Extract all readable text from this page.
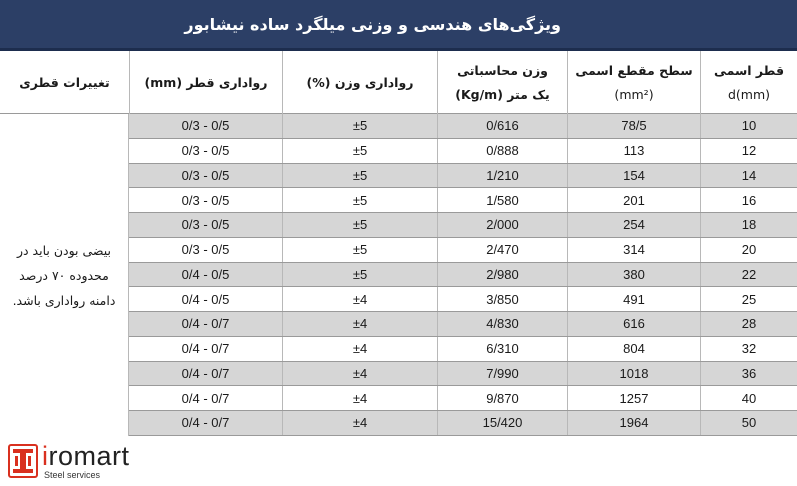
ویژگی‌های هندسی و وزنی میلگرد ساده نیشابور
قطر اسمی
d(mm)
سطح مقطع اسمی
(mm²)
وزن محاسباتی
یک متر (Kg/m)
رواداری وزن (%)
رواداری قطر (mm)
تغییرات قطری
10
78/5
0/616
±5
0/3 - 0/5
12
113
0/888
±5
0/3 - 0/5
14
154
1/210
±5
0/3 - 0/5
16
201
1/580
±5
0/3 - 0/5
18
254
2/000
±5
0/3 - 0/5
20
314
2/470
±5
0/3 - 0/5
22
380
2/980
±5
0/4 - 0/5
25
491
3/850
±4
0/4 - 0/5
28
616
4/830
±4
0/4 - 0/7
32
804
6/310
±4
0/4 - 0/7
36
1018
7/990
±4
0/4 - 0/7
40
1257
9/870
±4
0/4 - 0/7
50
1964
15/420
±4
0/4 - 0/7

بیضی بودن باید در محدوده ۷۰ درصد دامنه رواداری باشد.

iromart
Steel services
